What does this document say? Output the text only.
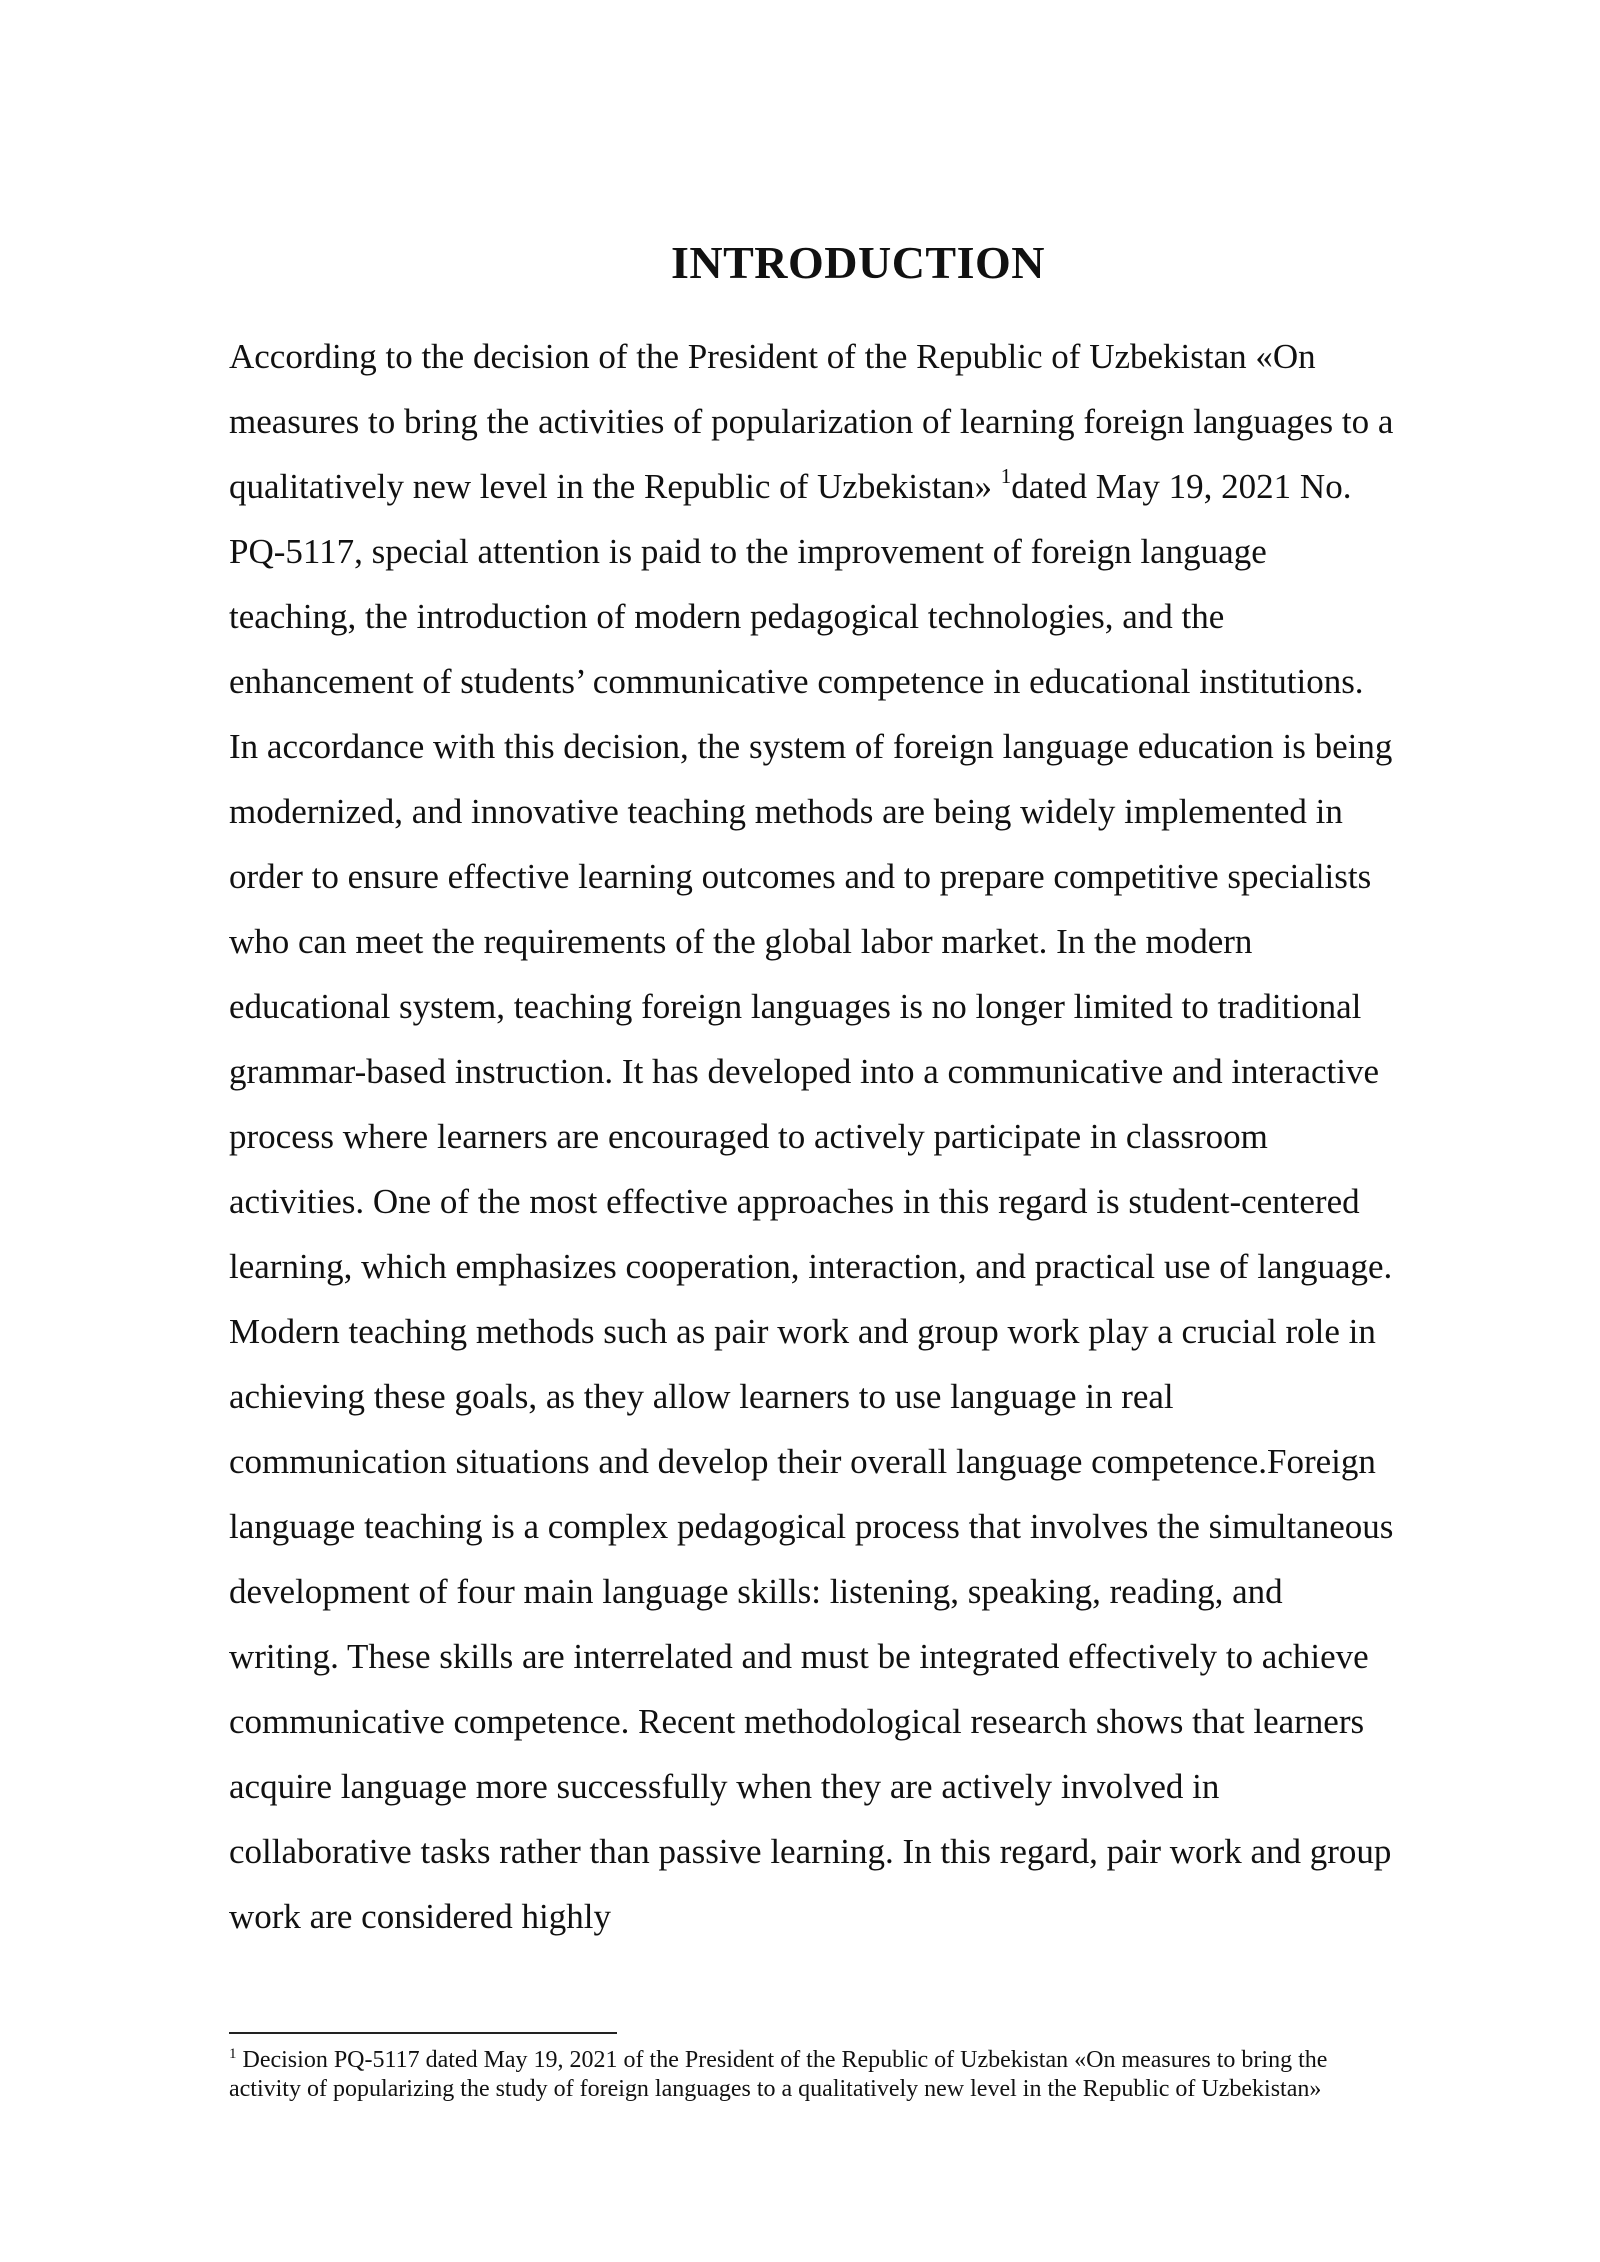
INTRODUCTION
According to the decision of the President of the Republic of Uzbekistan «On
measures to bring the activities of popularization of learning foreign languages to a
qualitatively new level in the Republic of Uzbekistan» $^1$dated May 19, 2021 No.
PQ-5117, special attention is paid to the improvement of foreign language
teaching, the introduction of modern pedagogical technologies, and the
enhancement of students’ communicative competence in educational institutions.
In accordance with this decision, the system of foreign language education is being
modernized, and innovative teaching methods are being widely implemented in
order to ensure effective learning outcomes and to prepare competitive specialists
who can meet the requirements of the global labor market. In the modern
educational system, teaching foreign languages is no longer limited to traditional
grammar-based instruction. It has developed into a communicative and interactive
process where learners are encouraged to actively participate in classroom
activities. One of the most effective approaches in this regard is student-centered
learning, which emphasizes cooperation, interaction, and practical use of language.
Modern teaching methods such as pair work and group work play a crucial role in
achieving these goals, as they allow learners to use language in real
communication situations and develop their overall language competence.Foreign
language teaching is a complex pedagogical process that involves the simultaneous
development of four main language skills: listening, speaking, reading, and
writing. These skills are interrelated and must be integrated effectively to achieve
communicative competence. Recent methodological research shows that learners
acquire language more successfully when they are actively involved in
collaborative tasks rather than passive learning. In this regard, pair work and group
work are considered highly
$^1$ Decision PQ-5117 dated May 19, 2021 of the President of the Republic of Uzbekistan «On measures to bring the
activity of popularizing the study of foreign languages to a qualitatively new level in the Republic of Uzbekistan»
